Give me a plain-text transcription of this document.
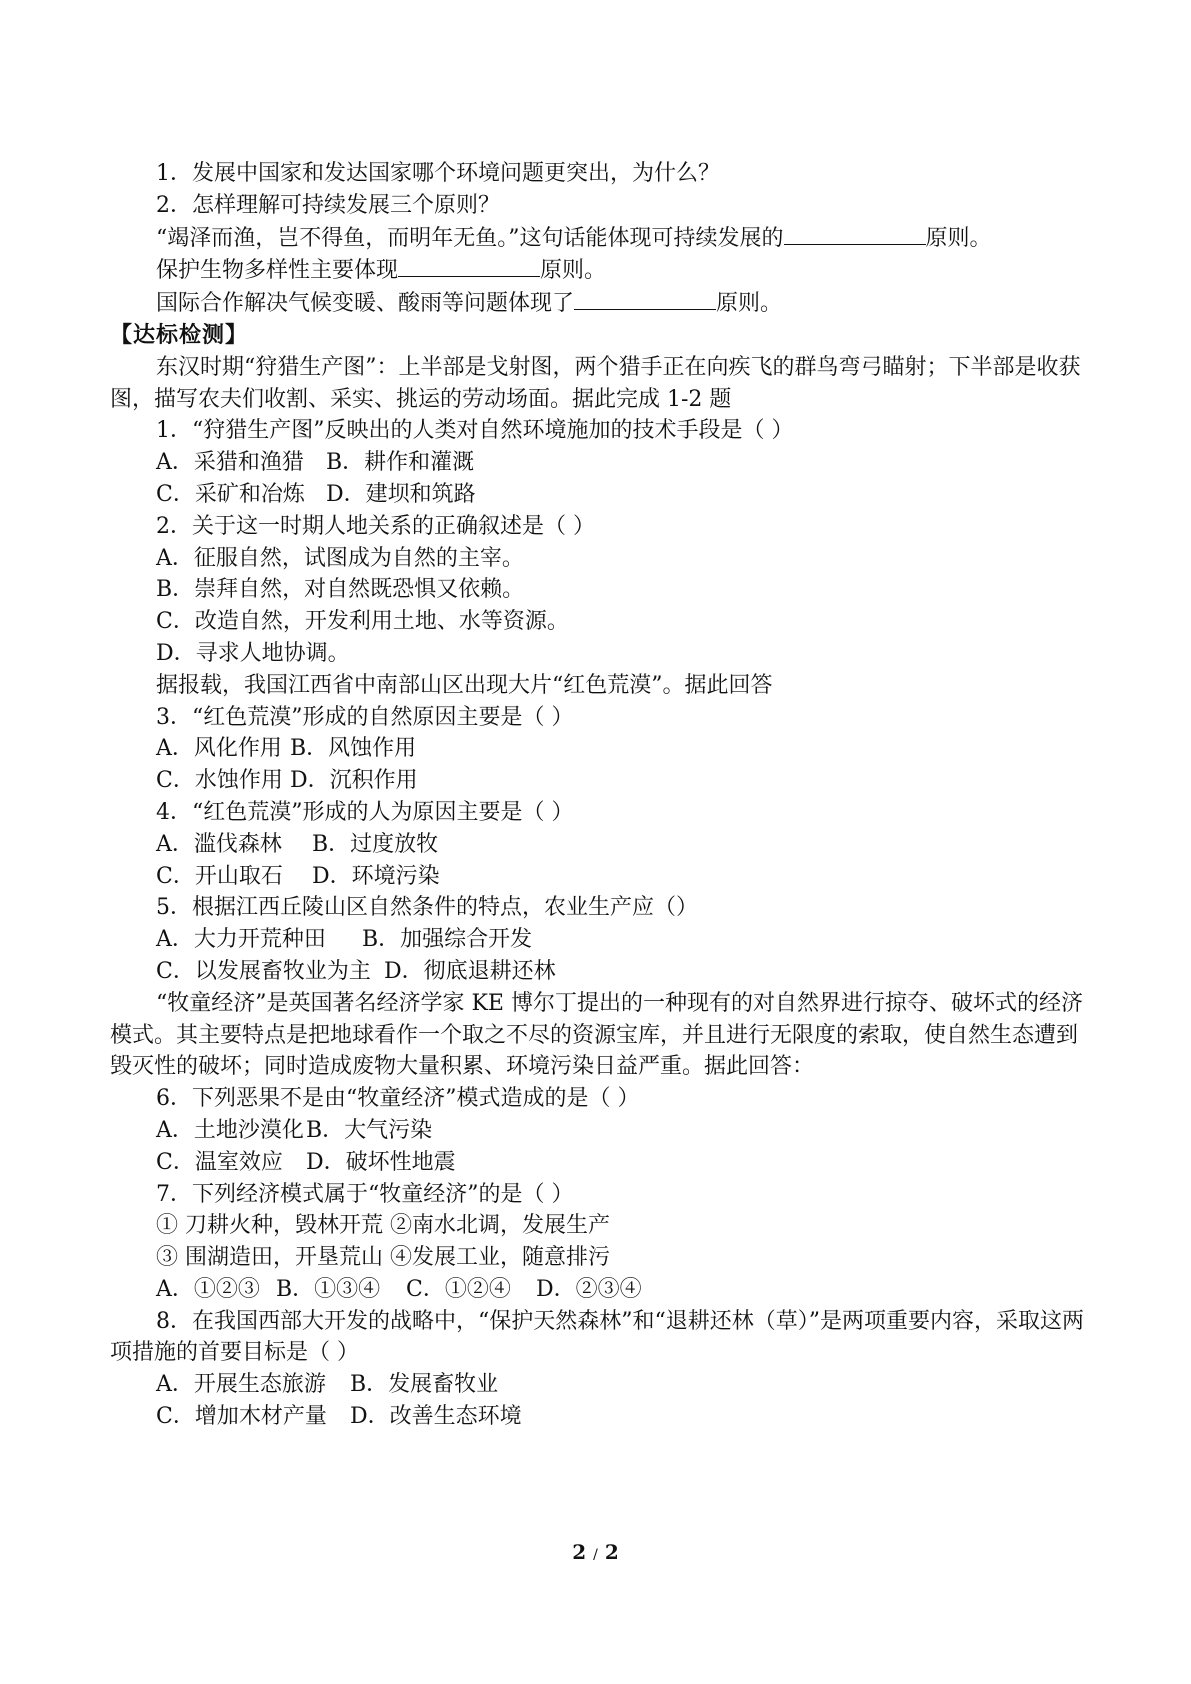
1．发展中国家和发达国家哪个环境问题更突出，为什么？

2．怎样理解可持续发展三个原则？

“竭泽而渔，岂不得鱼，而明年无鱼。”这句话能体现可持续发展的	原则。

保护生物多样性主要体现	原则。

国际合作解决气候变暖、酸雨等问题体现了	原则。

【达标检测】

东汉时期“狩猎生产图”：上半部是戈射图，两个猎手正在向疾飞的群鸟弯弓瞄射；下半部是收获图，描写农夫们收割、采实、挑运的劳动场面。据此完成 1-2 题

1．“狩猎生产图”反映出的人类对自然环境施加的技术手段是（ ）

A．采猎和渔猎 B．耕作和灌溉

C．采矿和冶炼 D．建坝和筑路

2．关于这一时期人地关系的正确叙述是（ ）

A．征服自然，试图成为自然的主宰。

B．崇拜自然，对自然既恐惧又依赖。

C．改造自然，开发利用土地、水等资源。

D．寻求人地协调。

据报载，我国江西省中南部山区出现大片“红色荒漠”。据此回答

3．“红色荒漠”形成的自然原因主要是（ ）

A．风化作用 B．风蚀作用

C．水蚀作用 D．沉积作用

4．“红色荒漠”形成的人为原因主要是（ ）

A．滥伐森林 B．过度放牧

C．开山取石 D．环境污染

5．根据江西丘陵山区自然条件的特点，农业生产应（）

A．大力开荒种田 B．加强综合开发

C．以发展畜牧业为主 D．彻底退耕还林

“牧童经济”是英国著名经济学家 KE 博尔丁提出的一种现有的对自然界进行掠夺、破坏式的经济模式。其主要特点是把地球看作一个取之不尽的资源宝库，并且进行无限度的索取，使自然生态遭到毁灭性的破坏；同时造成废物大量积累、环境污染日益严重。据此回答：

6．下列恶果不是由“牧童经济”模式造成的是（ ）

A．土地沙漠化B．大气污染

C．温室效应 D．破坏性地震

7．下列经济模式属于“牧童经济”的是（ ）

① 刀耕火种，毁林开荒 ②南水北调，发展生产

③ 围湖造田，开垦荒山 ④发展工业，随意排污

A．①②③ B．①③④ C．①②④ D．②③④

8．在我国西部大开发的战略中，“保护天然森林”和“退耕还林（草）”是两项重要内容，采取这两项措施的首要目标是（ ）

A．开展生态旅游 B．发展畜牧业

C．增加木材产量 D．改善生态环境

2 / 2
